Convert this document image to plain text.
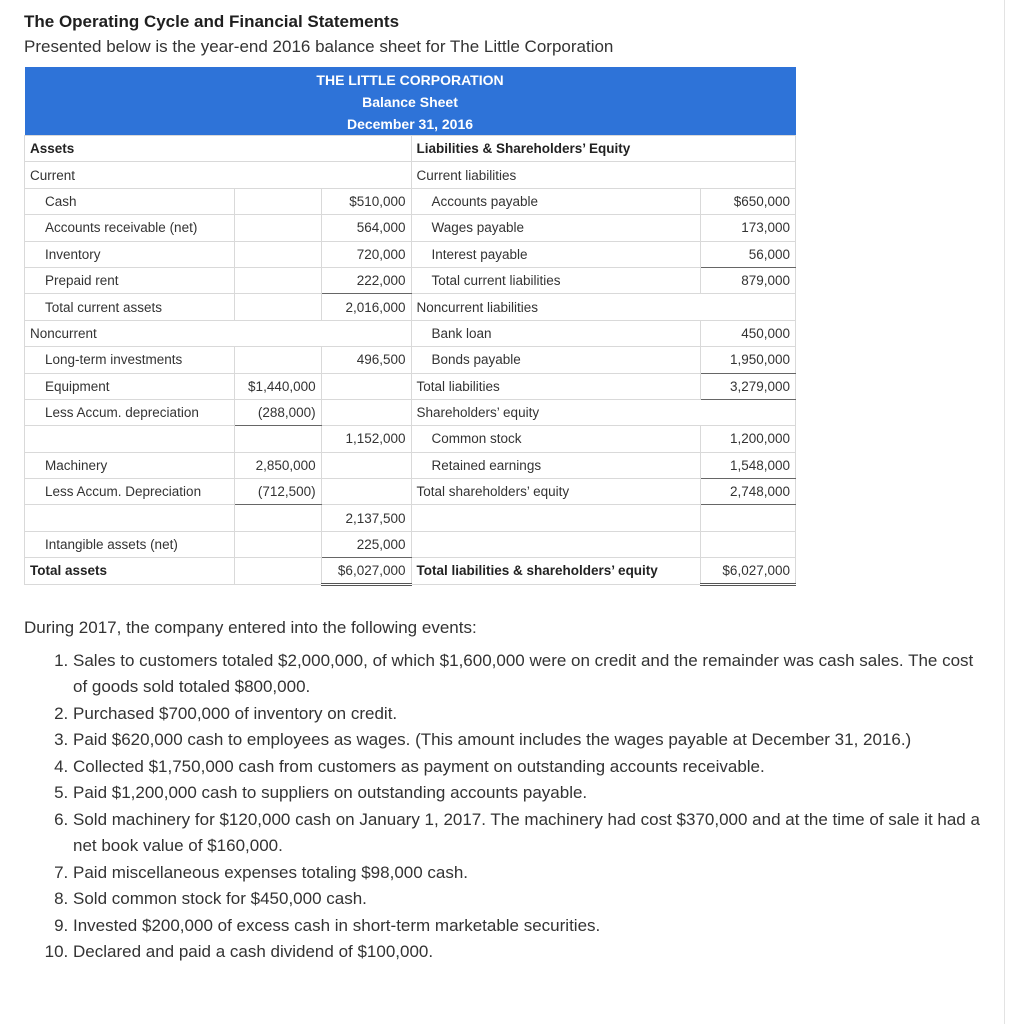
The Operating Cycle and Financial Statements
Presented below is the year-end 2016 balance sheet for The Little Corporation
THE LITTLE CORPORATION
Balance Sheet
December 31, 2016				

Assets			Liabilities & Shareholders’ Equity	
Current			Current liabilities	
Cash		$510,000	Accounts payable	$650,000
Accounts receivable (net)		564,000	Wages payable	173,000
Inventory		720,000	Interest payable	56,000
Prepaid rent		222,000	Total current liabilities	879,000
Total current assets		2,016,000	Noncurrent liabilities	
Noncurrent			Bank loan	450,000
Long-term investments		496,500	Bonds payable	1,950,000
Equipment	$1,440,000		Total liabilities	3,279,000
Less Accum. depreciation	(288,000)		Shareholders’ equity	
		1,152,000	Common stock	1,200,000
Machinery	2,850,000		Retained earnings	1,548,000
Less Accum. Depreciation	(712,500)		Total shareholders’ equity	2,748,000
		2,137,500		
Intangible assets (net)		225,000		
Total assets		$6,027,000	Total liabilities & shareholders’ equity	$6,027,000

During 2017, the company entered into the following events:

1. Sales to customers totaled $2,000,000, of which $1,600,000 were on credit and the remainder was cash sales. The cost of goods sold totaled $800,000.
2. Purchased $700,000 of inventory on credit.
3. Paid $620,000 cash to employees as wages. (This amount includes the wages payable at December 31, 2016.)
4. Collected $1,750,000 cash from customers as payment on outstanding accounts receivable.
5. Paid $1,200,000 cash to suppliers on outstanding accounts payable.
6. Sold machinery for $120,000 cash on January 1, 2017. The machinery had cost $370,000 and at the time of sale it had a net book value of $160,000.
7. Paid miscellaneous expenses totaling $98,000 cash.
8. Sold common stock for $450,000 cash.
9. Invested $200,000 of excess cash in short-term marketable securities.
10. Declared and paid a cash dividend of $100,000.
